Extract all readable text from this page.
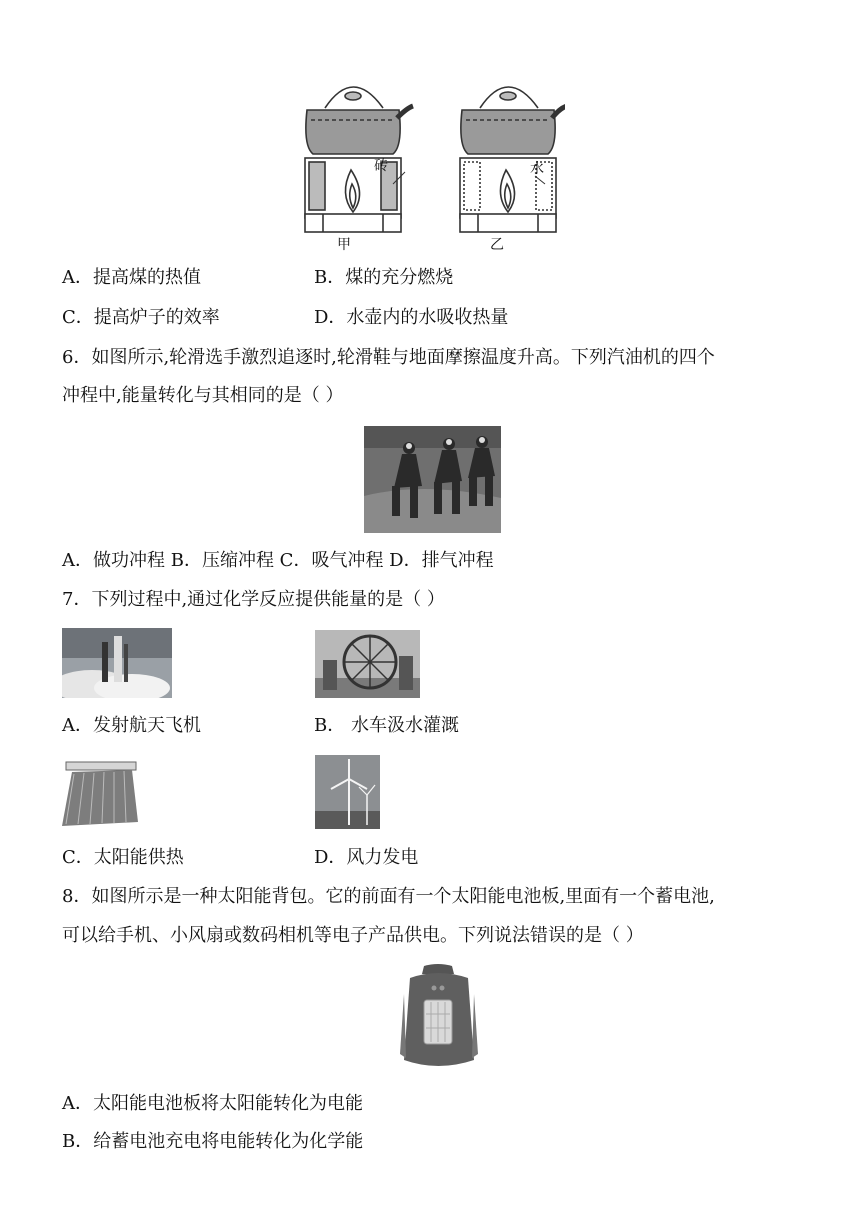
砖	水
甲	乙
A．提高煤的热值	B．煤的充分燃烧
C．提高炉子的效率	D．水壶内的水吸收热量
6．如图所示,轮滑选手激烈追逐时,轮滑鞋与地面摩擦温度升高。下列汽油机的四个
冲程中,能量转化与其相同的是（ ）
A．做功冲程 B．压缩冲程 C．吸气冲程 D．排气冲程
7．下列过程中,通过化学反应提供能量的是（ ）
A．发射航天飞机	B． 水车汲水灌溉
C．太阳能供热	D．风力发电
8．如图所示是一种太阳能背包。它的前面有一个太阳能电池板,里面有一个蓄电池,
可以给手机、小风扇或数码相机等电子产品供电。下列说法错误的是（ ）
A．太阳能电池板将太阳能转化为电能
B．给蓄电池充电将电能转化为化学能
